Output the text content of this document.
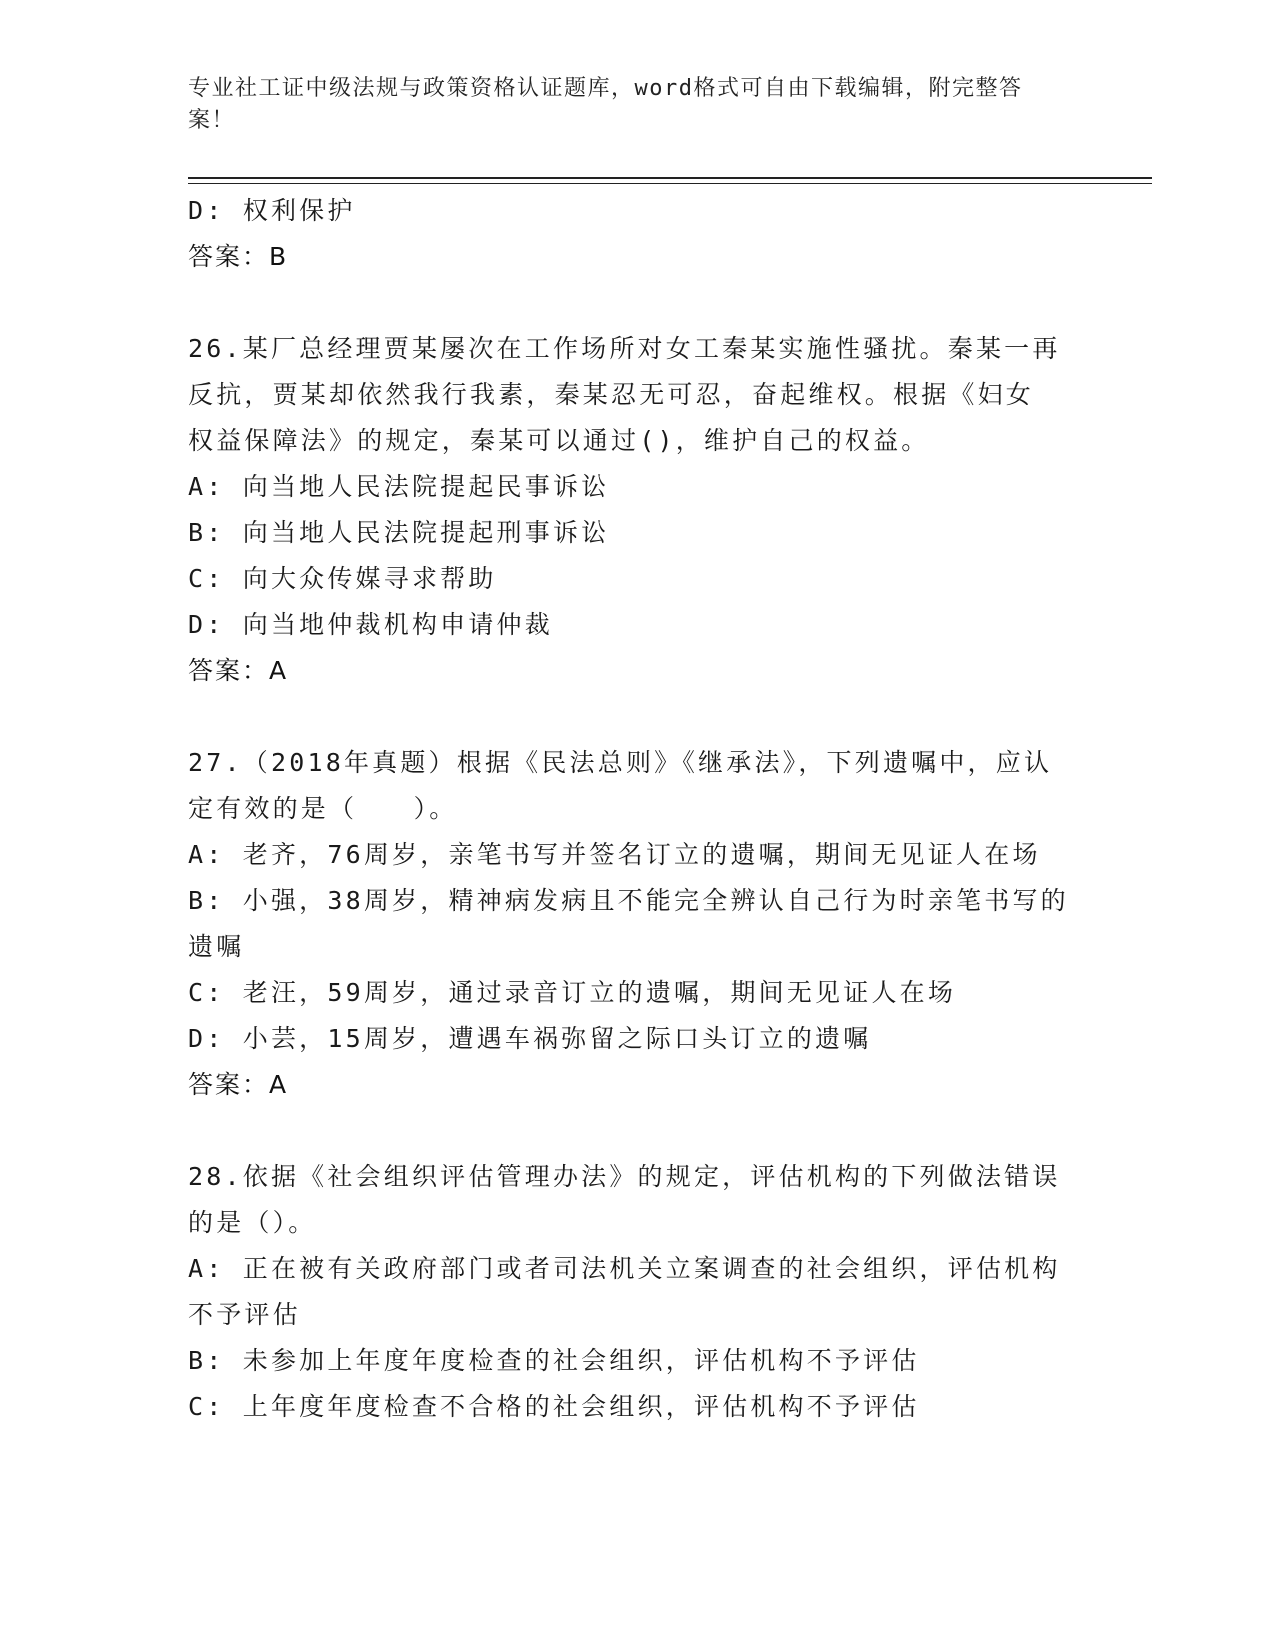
专业社工证中级法规与政策资格认证题库，word格式可自由下载编辑，附完整答
案！
D: 权利保护
答案：B
26.某厂总经理贾某屡次在工作场所对女工秦某实施性骚扰。秦某一再
反抗，贾某却依然我行我素，秦某忍无可忍，奋起维权。根据《妇女
权益保障法》的规定，秦某可以通过()，维护自己的权益。
A: 向当地人民法院提起民事诉讼
B: 向当地人民法院提起刑事诉讼
C: 向大众传媒寻求帮助
D: 向当地仲裁机构申请仲裁
答案：A
27.（2018年真题）根据《民法总则》《继承法》，下列遗嘱中，应认
定有效的是（　　）。
A: 老齐，76周岁，亲笔书写并签名订立的遗嘱，期间无见证人在场
B: 小强，38周岁，精神病发病且不能完全辨认自己行为时亲笔书写的
遗嘱
C: 老汪，59周岁，通过录音订立的遗嘱，期间无见证人在场
D: 小芸，15周岁，遭遇车祸弥留之际口头订立的遗嘱
答案：A
28.依据《社会组织评估管理办法》的规定，评估机构的下列做法错误
的是（）。
A: 正在被有关政府部门或者司法机关立案调查的社会组织，评估机构
不予评估
B: 未参加上年度年度检查的社会组织，评估机构不予评估
C: 上年度年度检查不合格的社会组织，评估机构不予评估
